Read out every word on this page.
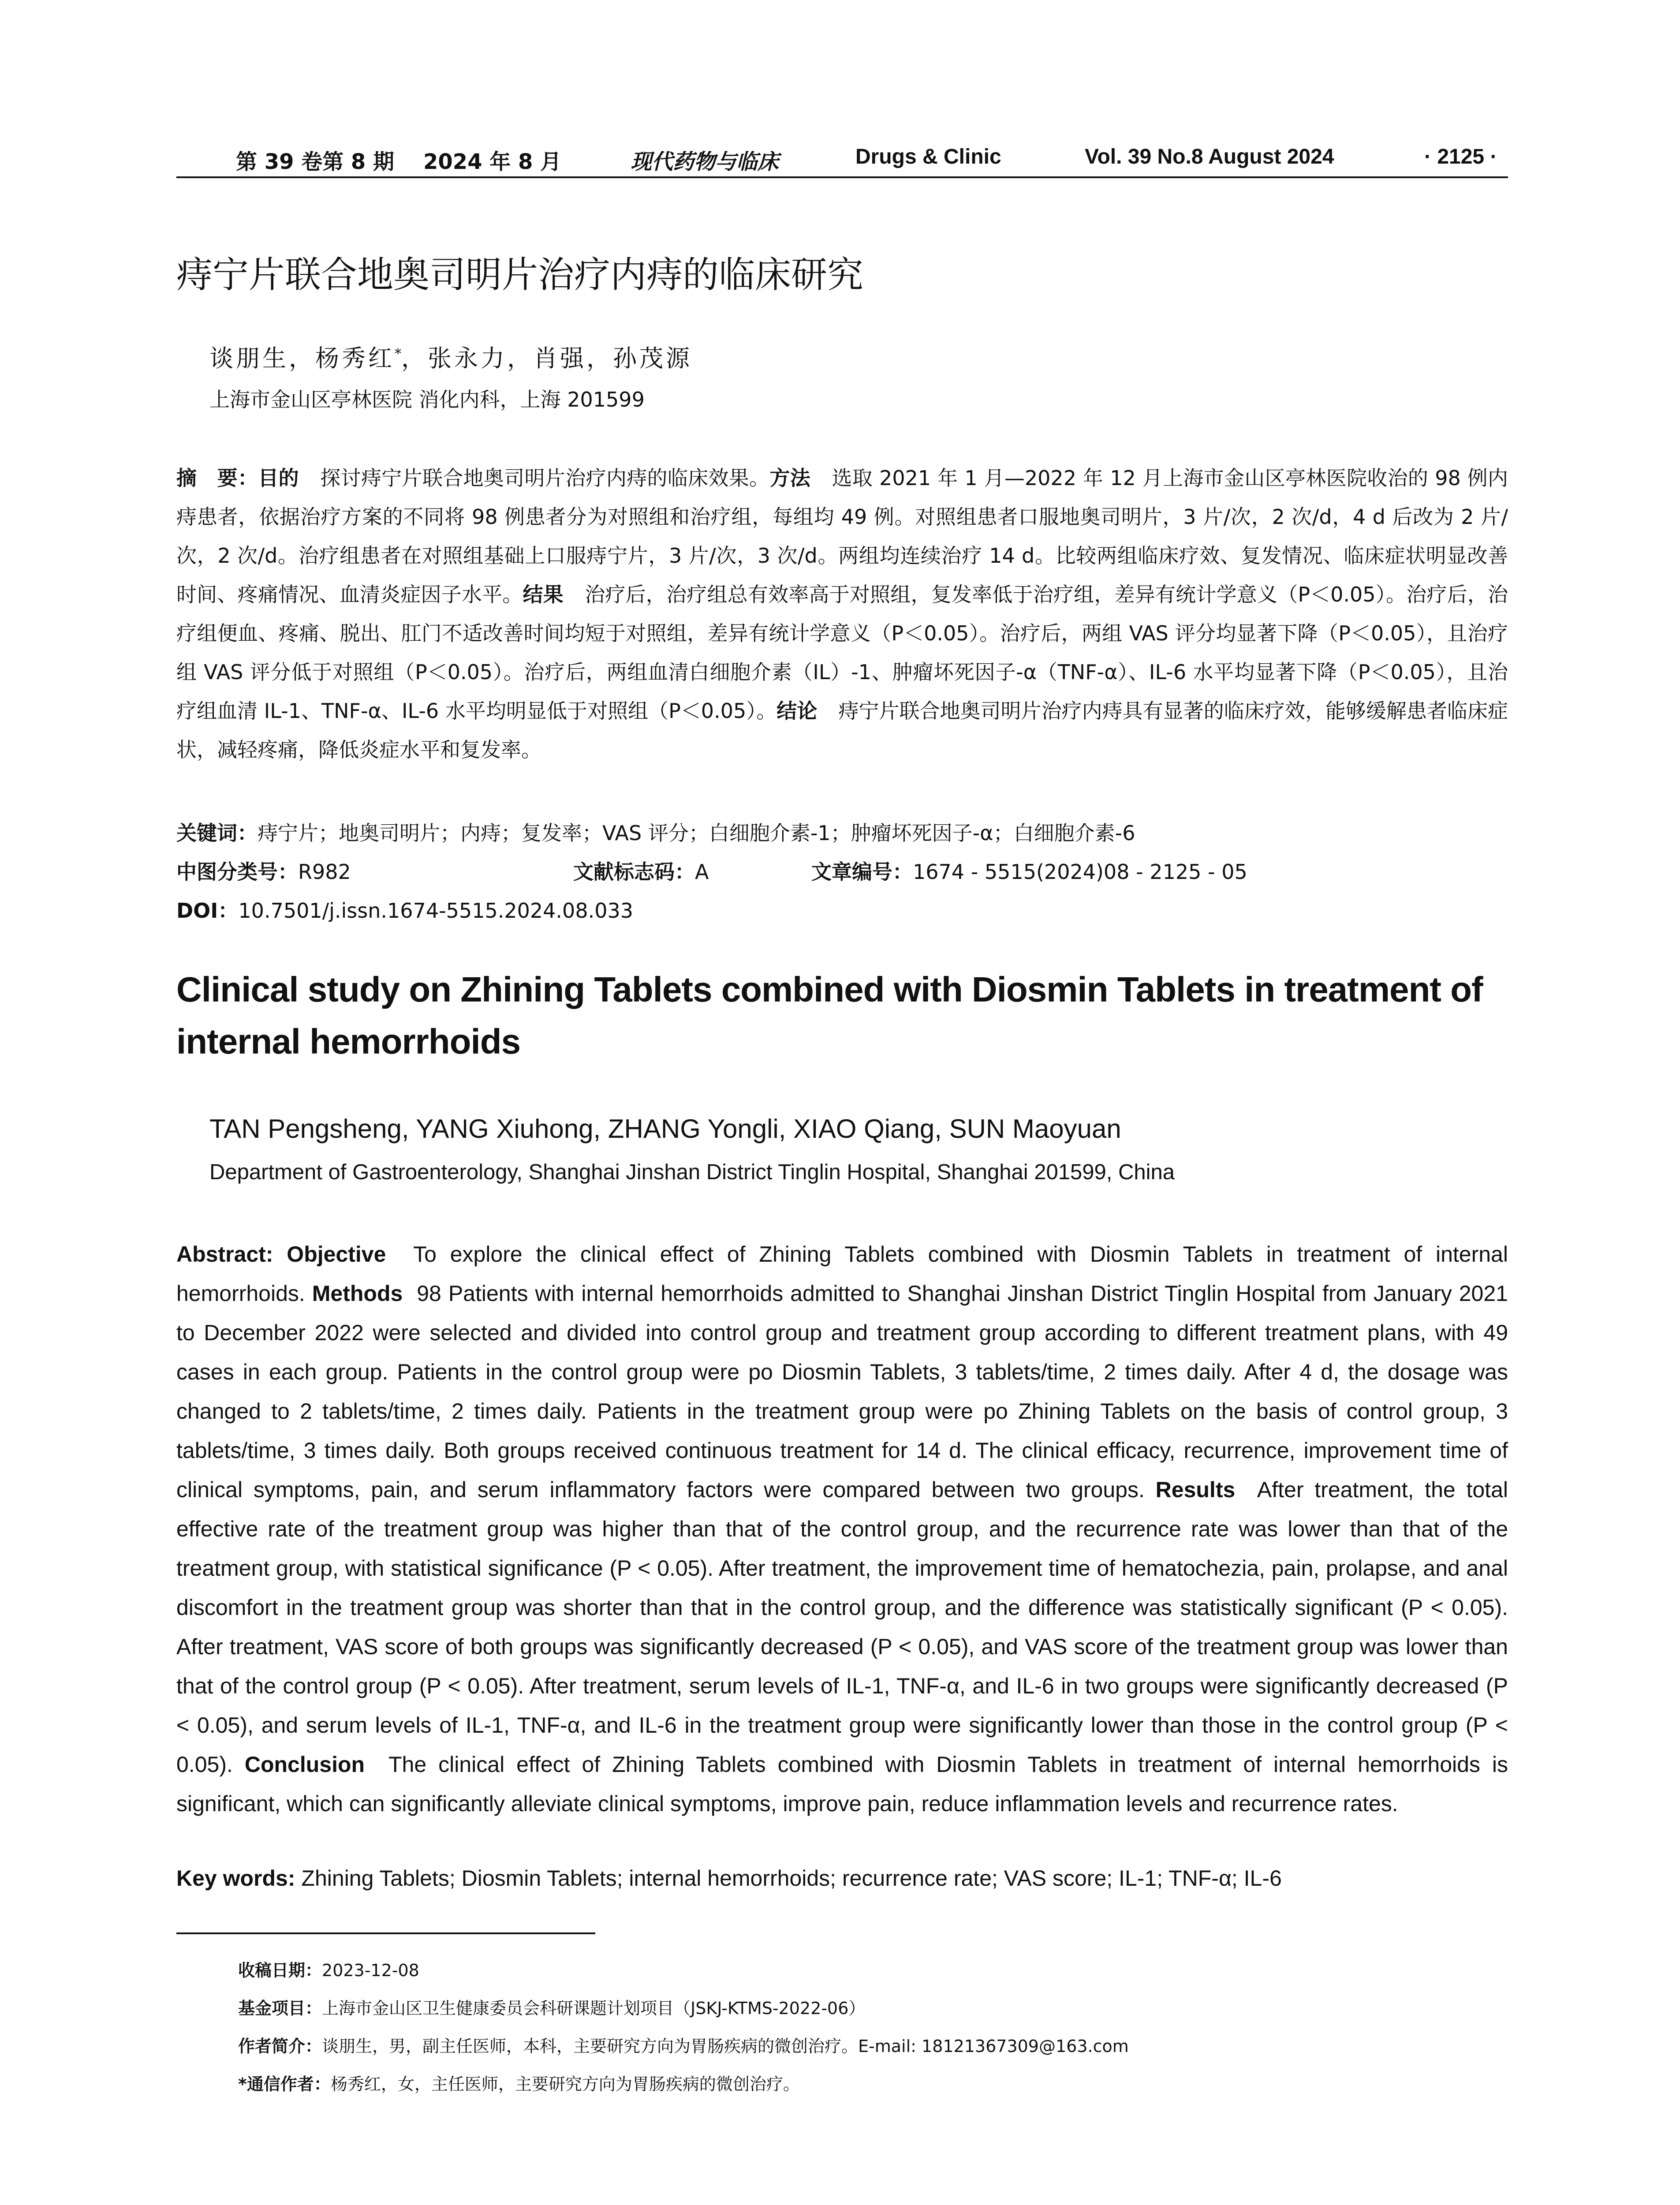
第 39 卷第 8 期 2024 年 8 月	现代药物与临床	Drugs & Clinic	Vol. 39 No.8 August 2024	· 2125 ·
痔宁片联合地奥司明片治疗内痔的临床研究

谈朋生，杨秀红*，张永力，肖强，孙茂源

上海市金山区亭林医院 消化内科，上海 201599

摘　要：目的 探讨痔宁片联合地奥司明片治疗内痔的临床效果。方法 选取 2021 年 1 月—2022 年 12 月上海市金山区亭林医院收治的 98 例内痔患者，依据治疗方案的不同将 98 例患者分为对照组和治疗组，每组均 49 例。对照组患者口服地奥司明片，3 片/次，2 次/d，4 d 后改为 2 片/次，2 次/d。治疗组患者在对照组基础上口服痔宁片，3 片/次，3 次/d。两组均连续治疗 14 d。比较两组临床疗效、复发情况、临床症状明显改善时间、疼痛情况、血清炎症因子水平。结果 治疗后，治疗组总有效率高于对照组，复发率低于治疗组，差异有统计学意义（P＜0.05）。治疗后，治疗组便血、疼痛、脱出、肛门不适改善时间均短于对照组，差异有统计学意义（P＜0.05）。治疗后，两组 VAS 评分均显著下降（P＜0.05），且治疗组 VAS 评分低于对照组（P＜0.05）。治疗后，两组血清白细胞介素（IL）-1、肿瘤坏死因子-α（TNF-α）、IL-6 水平均显著下降（P＜0.05），且治疗组血清 IL-1、TNF-α、IL-6 水平均明显低于对照组（P＜0.05）。结论 痔宁片联合地奥司明片治疗内痔具有显著的临床疗效，能够缓解患者临床症状，减轻疼痛，降低炎症水平和复发率。

关键词：痔宁片；地奥司明片；内痔；复发率；VAS 评分；白细胞介素-1；肿瘤坏死因子-α；白细胞介素-6

中图分类号：R982	文献标志码：A	文章编号：1674 - 5515(2024)08 - 2125 - 05

DOI：10.7501/j.issn.1674-5515.2024.08.033

Clinical study on Zhining Tablets combined with Diosmin Tablets in treatment of internal hemorrhoids

TAN Pengsheng, YANG Xiuhong, ZHANG Yongli, XIAO Qiang, SUN Maoyuan

Department of Gastroenterology, Shanghai Jinshan District Tinglin Hospital, Shanghai 201599, China

Abstract: Objective To explore the clinical effect of Zhining Tablets combined with Diosmin Tablets in treatment of internal hemorrhoids. Methods 98 Patients with internal hemorrhoids admitted to Shanghai Jinshan District Tinglin Hospital from January 2021 to December 2022 were selected and divided into control group and treatment group according to different treatment plans, with 49 cases in each group. Patients in the control group were po Diosmin Tablets, 3 tablets/time, 2 times daily. After 4 d, the dosage was changed to 2 tablets/time, 2 times daily. Patients in the treatment group were po Zhining Tablets on the basis of control group, 3 tablets/time, 3 times daily. Both groups received continuous treatment for 14 d. The clinical efficacy, recurrence, improvement time of clinical symptoms, pain, and serum inflammatory factors were compared between two groups. Results After treatment, the total effective rate of the treatment group was higher than that of the control group, and the recurrence rate was lower than that of the treatment group, with statistical significance (P < 0.05). After treatment, the improvement time of hematochezia, pain, prolapse, and anal discomfort in the treatment group was shorter than that in the control group, and the difference was statistically significant (P < 0.05). After treatment, VAS score of both groups was significantly decreased (P < 0.05), and VAS score of the treatment group was lower than that of the control group (P < 0.05). After treatment, serum levels of IL-1, TNF-α, and IL-6 in two groups were significantly decreased (P < 0.05), and serum levels of IL-1, TNF-α, and IL-6 in the treatment group were significantly lower than those in the control group (P < 0.05). Conclusion The clinical effect of Zhining Tablets combined with Diosmin Tablets in treatment of internal hemorrhoids is significant, which can significantly alleviate clinical symptoms, improve pain, reduce inflammation levels and recurrence rates.

Key words: Zhining Tablets; Diosmin Tablets; internal hemorrhoids; recurrence rate; VAS score; IL-1; TNF-α; IL-6

收稿日期：2023-12-08
基金项目：上海市金山区卫生健康委员会科研课题计划项目（JSKJ-KTMS-2022-06）
作者简介：谈朋生，男，副主任医师，本科，主要研究方向为胃肠疾病的微创治疗。E-mail: 18121367309@163.com
*通信作者：杨秀红，女，主任医师，主要研究方向为胃肠疾病的微创治疗。
